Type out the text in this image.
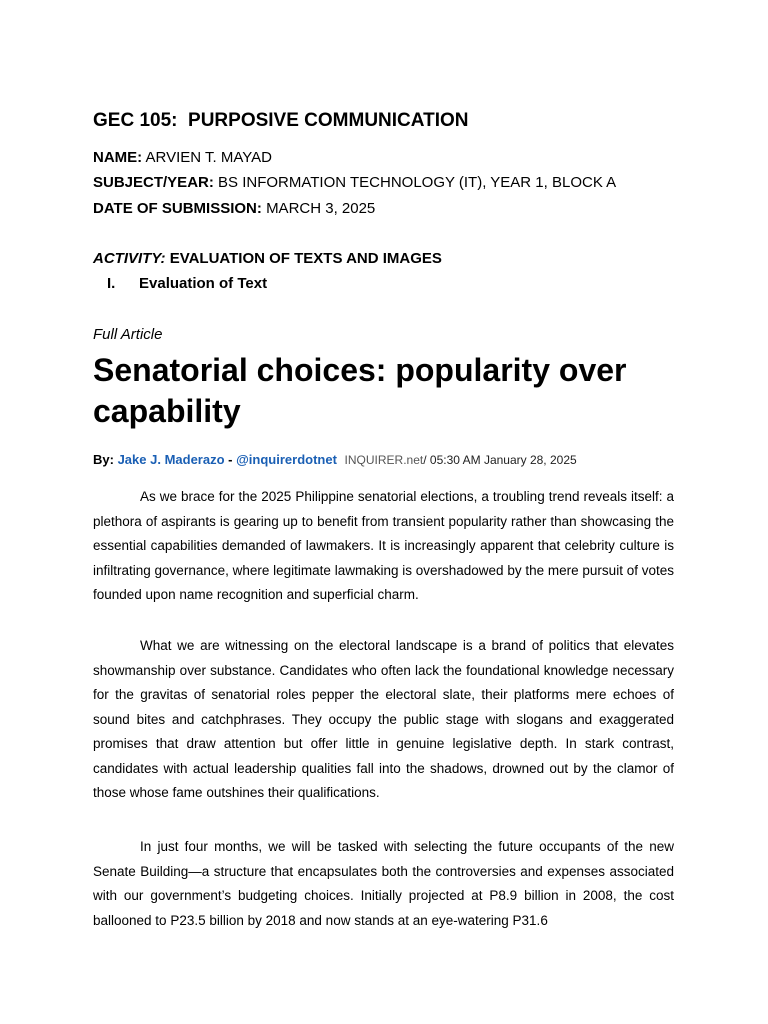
GEC 105:  PURPOSIVE COMMUNICATION
NAME: ARVIEN T. MAYAD
SUBJECT/YEAR: BS INFORMATION TECHNOLOGY (IT), YEAR 1, BLOCK A
DATE OF SUBMISSION: MARCH 3, 2025
ACTIVITY: EVALUATION OF TEXTS AND IMAGES
I. Evaluation of Text
Full Article
Senatorial choices: popularity over capability
By: Jake J. Maderazo - @inquirerdotnet INQUIRER.net/ 05:30 AM January 28, 2025

As we brace for the 2025 Philippine senatorial elections, a troubling trend reveals itself: a plethora of aspirants is gearing up to benefit from transient popularity rather than showcasing the essential capabilities demanded of lawmakers. It is increasingly apparent that celebrity culture is infiltrating governance, where legitimate lawmaking is overshadowed by the mere pursuit of votes founded upon name recognition and superficial charm.

What we are witnessing on the electoral landscape is a brand of politics that elevates showmanship over substance. Candidates who often lack the foundational knowledge necessary for the gravitas of senatorial roles pepper the electoral slate, their platforms mere echoes of sound bites and catchphrases. They occupy the public stage with slogans and exaggerated promises that draw attention but offer little in genuine legislative depth. In stark contrast, candidates with actual leadership qualities fall into the shadows, drowned out by the clamor of those whose fame outshines their qualifications.

In just four months, we will be tasked with selecting the future occupants of the new Senate Building—a structure that encapsulates both the controversies and expenses associated with our government’s budgeting choices. Initially projected at P8.9 billion in 2008, the cost ballooned to P23.5 billion by 2018 and now stands at an eye-watering P31.6
